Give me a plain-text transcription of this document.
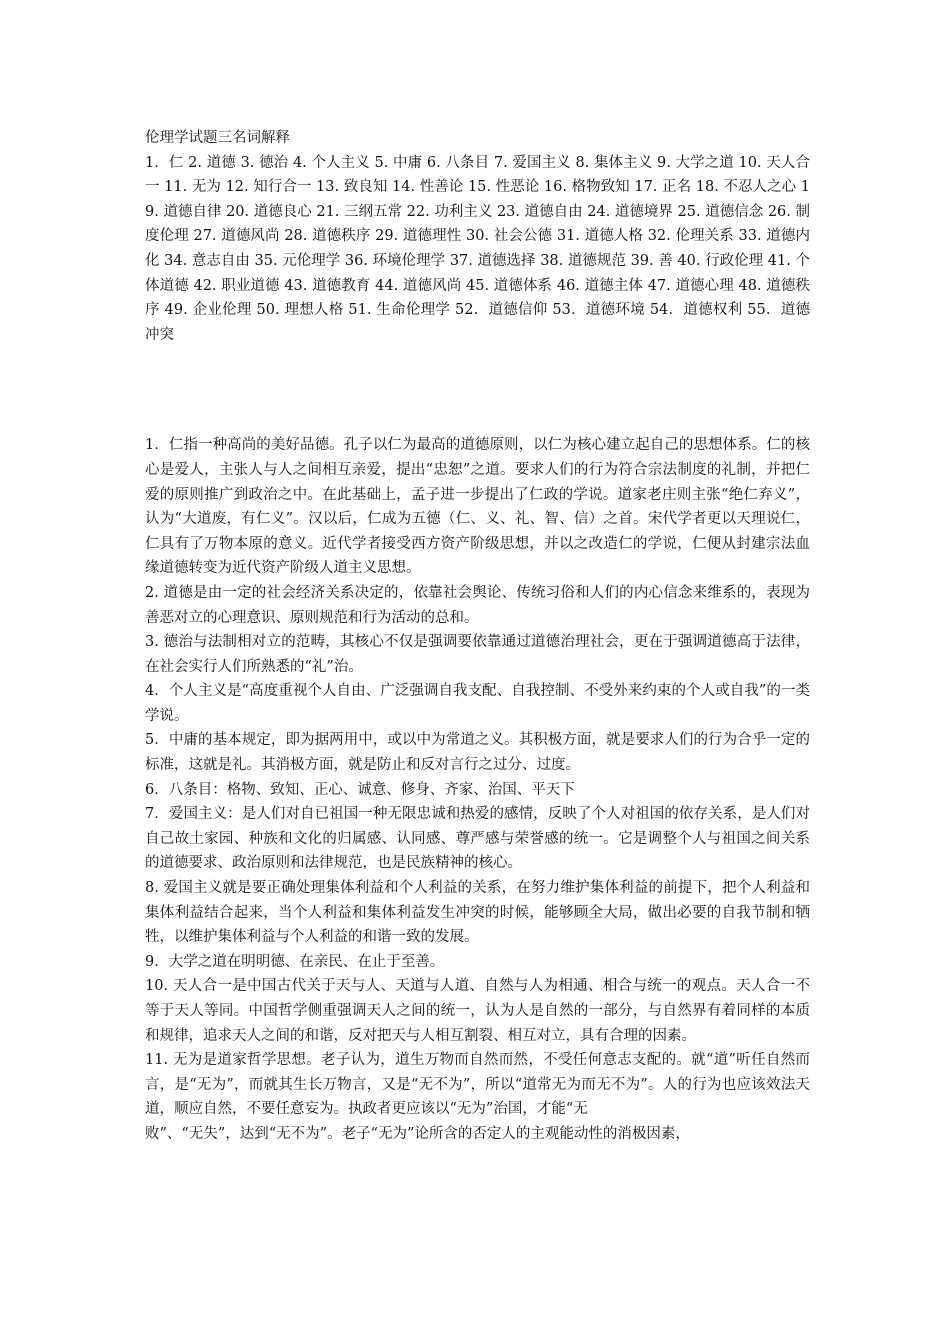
伦理学试题三名词解释

1．仁 2. 道德 3. 德治 4. 个人主义 5. 中庸 6. 八条目 7. 爱国主义 8. 集体主义 9. 大学之道 10. 天人合一 11. 无为 12. 知行合一 13. 致良知 14. 性善论 15. 性恶论 16. 格物致知 17. 正名 18. 不忍人之心 19. 道德自律 20. 道德良心 21. 三纲五常 22. 功利主义 23. 道德自由 24. 道德境界 25. 道德信念 26. 制度伦理 27. 道德风尚 28. 道德秩序 29. 道德理性 30. 社会公德 31. 道德人格 32. 伦理关系 33. 道德内化 34. 意志自由 35. 元伦理学 36. 环境伦理学 37. 道德选择 38. 道德规范 39. 善 40. 行政伦理 41. 个体道德 42. 职业道德 43. 道德教育 44. 道德风尚 45. 道德体系 46. 道德主体 47. 道德心理 48. 道德秩序 49. 企业伦理 50. 理想人格 51. 生命伦理学 52．道德信仰 53．道德环境 54．道德权利 55．道德冲突

1．仁指一种高尚的美好品德。孔子以仁为最高的道德原则，以仁为核心建立起自己的思想体系。仁的核心是爱人，主张人与人之间相互亲爱，提出“忠恕”之道。要求人们的行为符合宗法制度的礼制，并把仁爱的原则推广到政治之中。在此基础上，孟子进一步提出了仁政的学说。道家老庄则主张“绝仁弃义”，认为“大道废，有仁义”。汉以后，仁成为五德（仁、义、礼、智、信）之首。宋代学者更以天理说仁，仁具有了万物本原的意义。近代学者接受西方资产阶级思想，并以之改造仁的学说，仁便从封建宗法血缘道德转变为近代资产阶级人道主义思想。

2. 道德是由一定的社会经济关系决定的，依靠社会舆论、传统习俗和人们的内心信念来维系的，表现为善恶对立的心理意识、原则规范和行为活动的总和。

3. 德治与法制相对立的范畴，其核心不仅是强调要依靠通过道德治理社会，更在于强调道德高于法律，在社会实行人们所熟悉的“礼”治。

4．个人主义是“高度重视个人自由、广泛强调自我支配、自我控制、不受外来约束的个人或自我”的一类学说。

5．中庸的基本规定，即为据两用中，或以中为常道之义。其积极方面，就是要求人们的行为合乎一定的标准，这就是礼。其消极方面，就是防止和反对言行之过分、过度。

6．八条目：格物、致知、正心、诚意、修身、齐家、治国、平天下

7．爱国主义：是人们对自已祖国一种无限忠诚和热爱的感情，反映了个人对祖国的依存关系，是人们对自己故土家园、种族和文化的归属感、认同感、尊严感与荣誉感的统一。它是调整个人与祖国之间关系的道德要求、政治原则和法律规范，也是民族精神的核心。

8. 爱国主义就是要正确处理集体利益和个人利益的关系，在努力维护集体利益的前提下，把个人利益和集体利益结合起来，当个人利益和集体利益发生冲突的时候，能够顾全大局，做出必要的自我节制和牺牲，以维护集体利益与个人利益的和谐一致的发展。

9．大学之道在明明德、在亲民、在止于至善。

10. 天人合一是中国古代关于天与人、天道与人道、自然与人为相通、相合与统一的观点。天人合一不等于天人等同。中国哲学侧重强调天人之间的统一，认为人是自然的一部分，与自然界有着同样的本质和规律，追求天人之间的和谐，反对把天与人相互割裂、相互对立，具有合理的因素。

11. 无为是道家哲学思想。老子认为，道生万物而自然而然，不受任何意志支配的。就“道”听任自然而言，是“无为”，而就其生长万物言，又是“无不为”，所以“道常无为而无不为”。人的行为也应该效法天道，顺应自然，不要任意妄为。执政者更应该以“无为”治国，才能“无

败”、“无失”，达到“无不为”。老子“无为”论所含的否定人的主观能动性的消极因素，
